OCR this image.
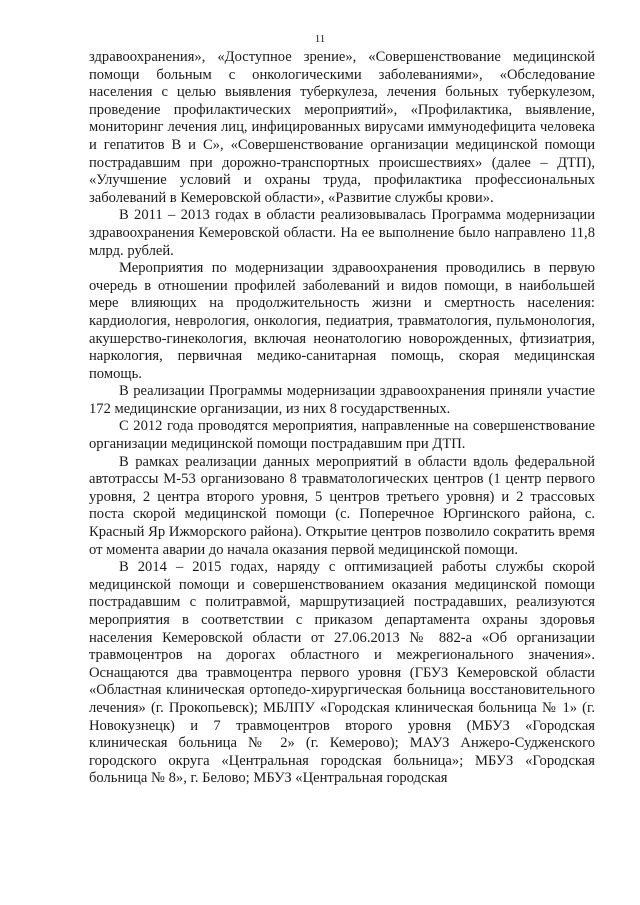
11

здравоохранения», «Доступное зрение», «Совершенствование медицинской помощи больным с онкологическими заболеваниями», «Обследование населения с целью выявления туберкулеза, лечения больных туберкулезом, проведение профилактических мероприятий», «Профилактика, выявление, мониторинг лечения лиц, инфицированных вирусами иммунодефицита человека и гепатитов В и С», «Совершенствование организации медицинской помощи пострадавшим при дорожно-транспортных происшествиях» (далее – ДТП), «Улучшение условий и охраны труда, профилактика профессиональных заболеваний в Кемеровской области», «Развитие службы крови».

В 2011 – 2013 годах в области реализовывалась Программа модернизации здравоохранения Кемеровской области. На ее выполнение было направлено 11,8 млрд. рублей.

Мероприятия по модернизации здравоохранения проводились в первую очередь в отношении профилей заболеваний и видов помощи, в наибольшей мере влияющих на продолжительность жизни и смертность населения: кардиология, неврология, онкология, педиатрия, травматология, пульмонология, акушерство-гинекология, включая неонатологию новорожденных, фтизиатрия, наркология, первичная медико-санитарная помощь, скорая медицинская помощь.

В реализации Программы модернизации здравоохранения приняли участие 172 медицинские организации, из них 8 государственных.

С 2012 года проводятся мероприятия, направленные на совершенствование организации медицинской помощи пострадавшим при ДТП.

В рамках реализации данных мероприятий в области вдоль федеральной автотрассы М-53 организовано 8 травматологических центров (1 центр первого уровня, 2 центра второго уровня, 5 центров третьего уровня) и 2 трассовых поста скорой медицинской помощи (с. Поперечное Юргинского района, с. Красный Яр Ижморского района). Открытие центров позволило сократить время от момента аварии до начала оказания первой медицинской помощи.

В 2014 – 2015 годах, наряду с оптимизацией работы службы скорой медицинской помощи и совершенствованием оказания медицинской помощи пострадавшим с политравмой, маршрутизацией пострадавших, реализуются мероприятия в соответствии с приказом департамента охраны здоровья населения Кемеровской области от 27.06.2013 № 882-а «Об организации травмоцентров на дорогах областного и межрегионального значения». Оснащаются два травмоцентра первого уровня (ГБУЗ Кемеровской области «Областная клиническая ортопедо-хирургическая больница восстановительного лечения» (г. Прокопьевск); МБЛПУ «Городская клиническая больница № 1» (г. Новокузнецк) и 7 травмоцентров второго уровня (МБУЗ «Городская клиническая больница № 2» (г. Кемерово); МАУЗ Анжеро-Судженского городского округа «Центральная городская больница»; МБУЗ «Городская больница № 8», г. Белово; МБУЗ «Центральная городская
